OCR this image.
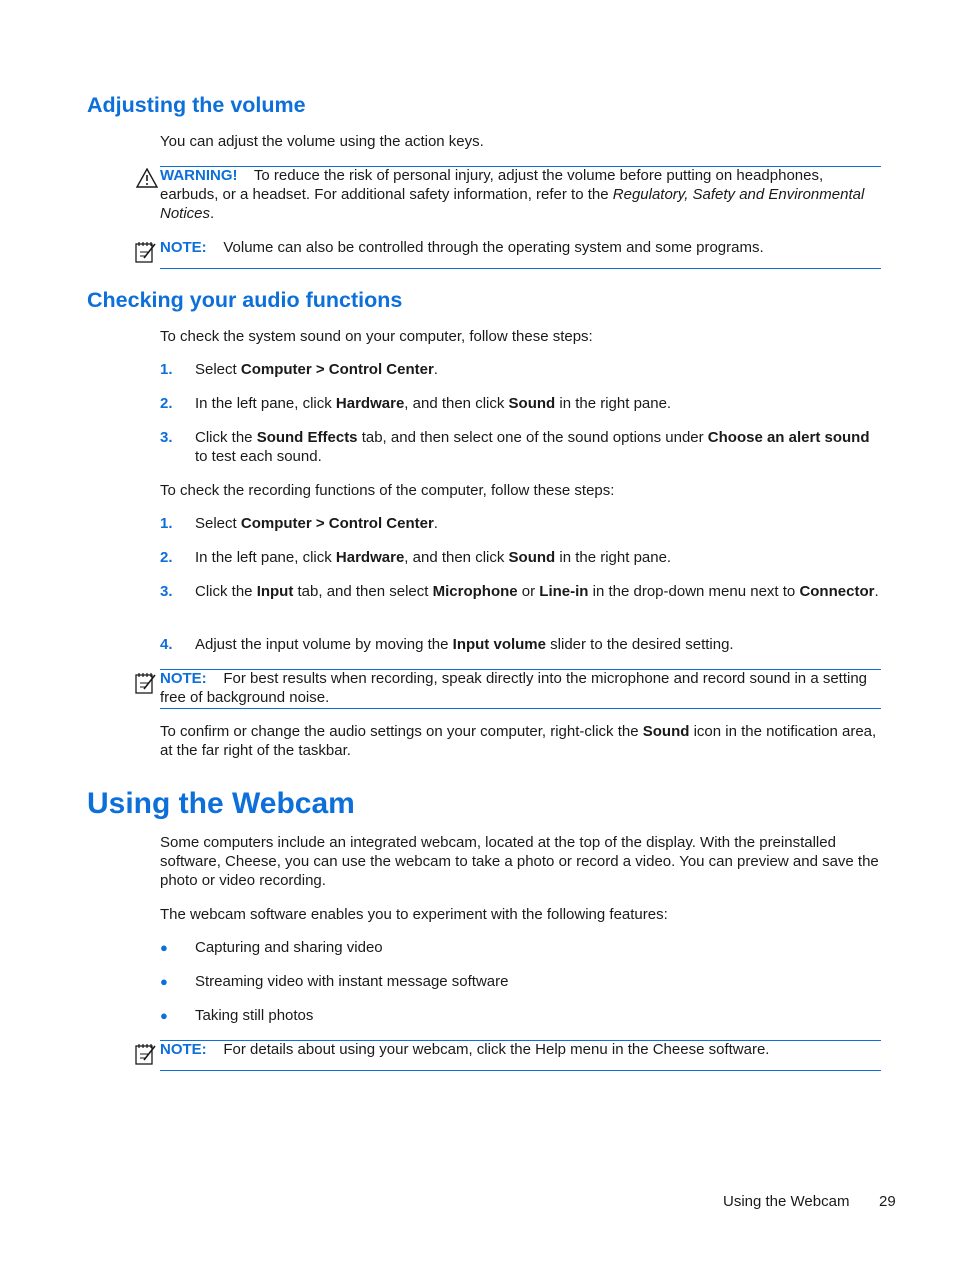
Adjusting the volume

You can adjust the volume using the action keys.

WARNING! To reduce the risk of personal injury, adjust the volume before putting on headphones, earbuds, or a headset. For additional safety information, refer to the Regulatory, Safety and Environmental Notices.
NOTE: Volume can also be controlled through the operating system and some programs.
Checking your audio functions

To check the system sound on your computer, follow these steps:

1. Select Computer > Control Center.
2. In the left pane, click Hardware, and then click Sound in the right pane.
3. Click the Sound Effects tab, and then select one of the sound options under Choose an alert sound to test each sound.

To check the recording functions of the computer, follow these steps:

1. Select Computer > Control Center.
2. In the left pane, click Hardware, and then click Sound in the right pane.
3. Click the Input tab, and then select Microphone or Line-in in the drop-down menu next to Connector.
4. Adjust the input volume by moving the Input volume slider to the desired setting.
NOTE: For best results when recording, speak directly into the microphone and record sound in a setting free of background noise.

To confirm or change the audio settings on your computer, right-click the Sound icon in the notification area, at the far right of the taskbar.

Using the Webcam

Some computers include an integrated webcam, located at the top of the display. With the preinstalled software, Cheese, you can use the webcam to take a photo or record a video. You can preview and save the photo or video recording.

The webcam software enables you to experiment with the following features:

● Capturing and sharing video
● Streaming video with instant message software
● Taking still photos
NOTE: For details about using your webcam, click the Help menu in the Cheese software.
Using the Webcam 29
